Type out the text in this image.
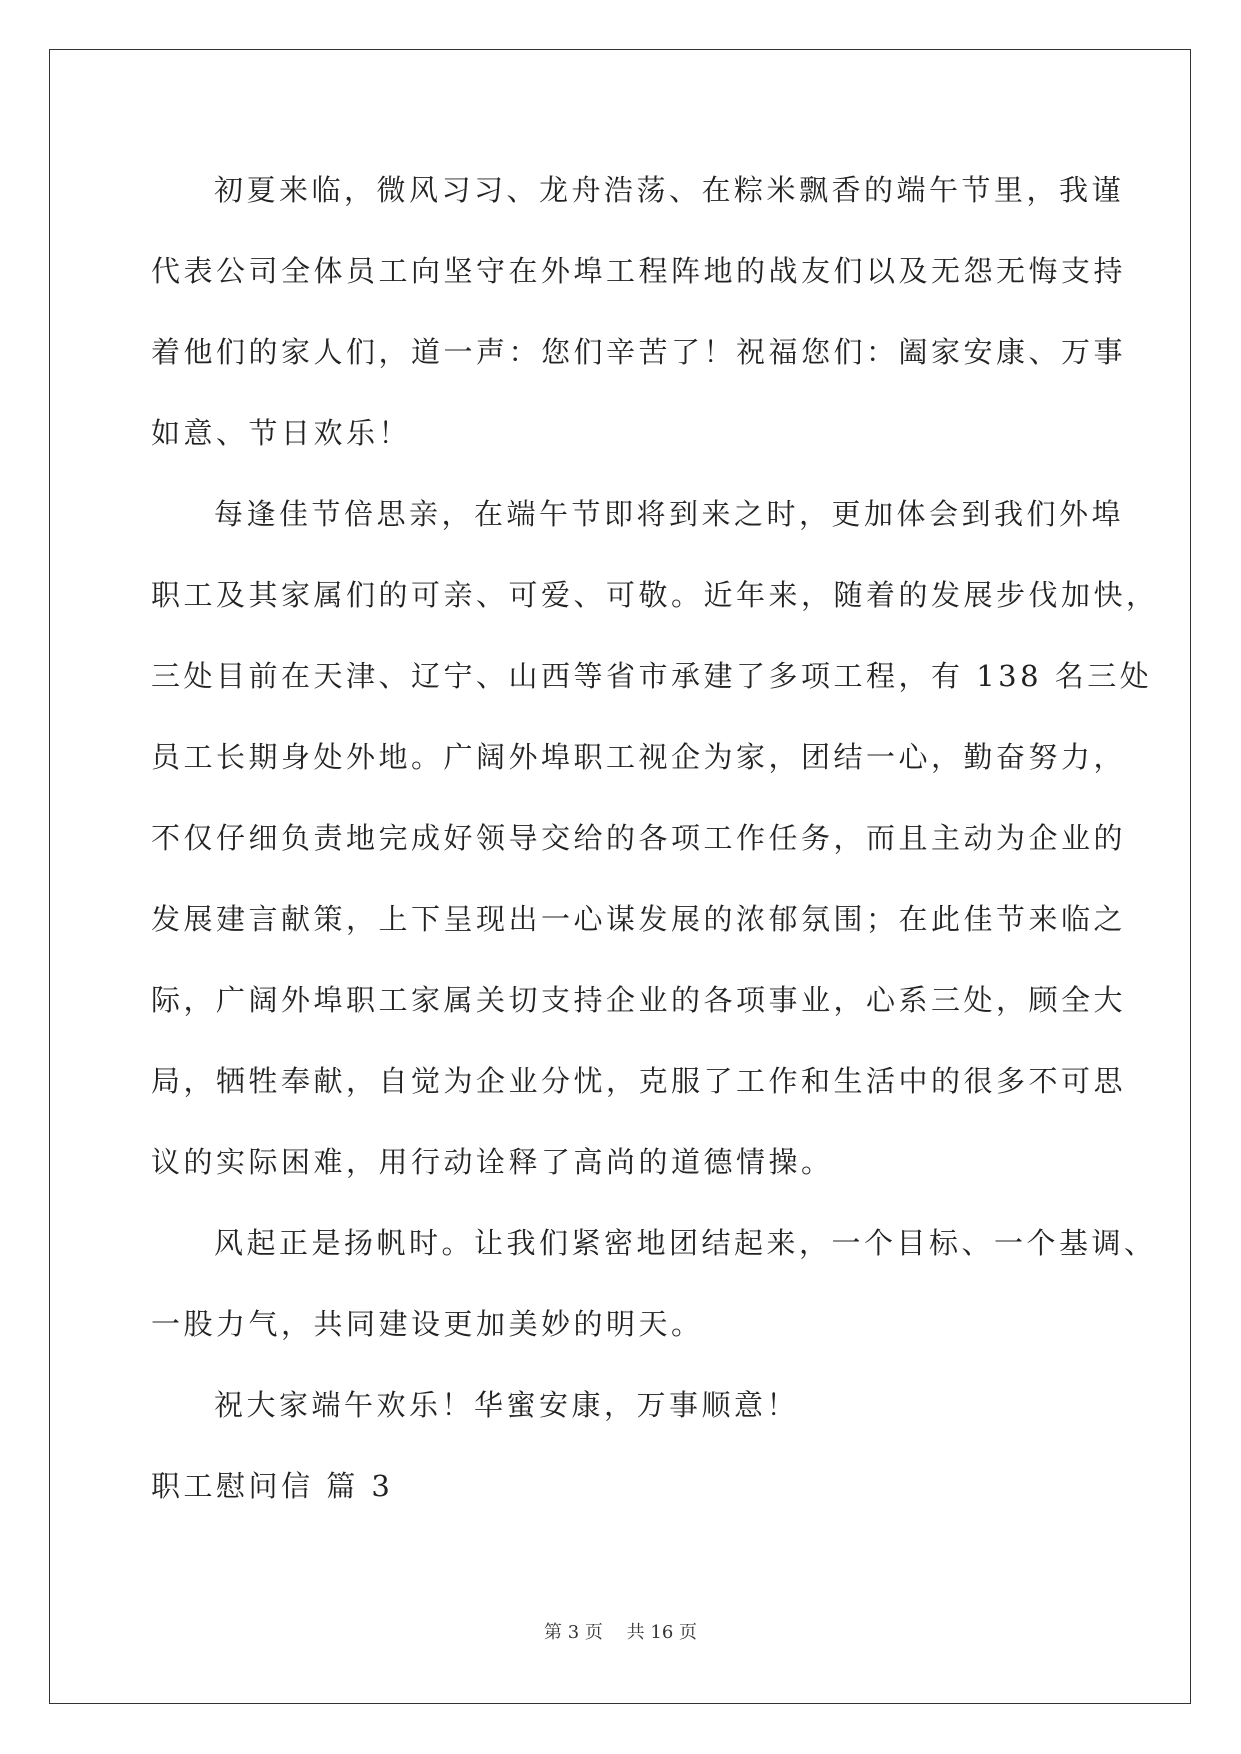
初夏来临，微风习习、龙舟浩荡、在粽米飘香的端午节里，我谨
代表公司全体员工向坚守在外埠工程阵地的战友们以及无怨无悔支持
着他们的家人们，道一声：您们辛苦了！祝福您们：阖家安康、万事
如意、节日欢乐！
每逢佳节倍思亲，在端午节即将到来之时，更加体会到我们外埠
职工及其家属们的可亲、可爱、可敬。近年来，随着的发展步伐加快，
三处目前在天津、辽宁、山西等省市承建了多项工程，有 138 名三处
员工长期身处外地。广阔外埠职工视企为家，团结一心，勤奋努力，
不仅仔细负责地完成好领导交给的各项工作任务，而且主动为企业的
发展建言献策，上下呈现出一心谋发展的浓郁氛围；在此佳节来临之
际，广阔外埠职工家属关切支持企业的各项事业，心系三处，顾全大
局，牺牲奉献，自觉为企业分忧，克服了工作和生活中的很多不可思
议的实际困难，用行动诠释了高尚的道德情操。
风起正是扬帆时。让我们紧密地团结起来，一个目标、一个基调、
一股力气，共同建设更加美妙的明天。
祝大家端午欢乐！华蜜安康，万事顺意！
职工慰问信 篇 3
第 3 页 共 16 页
